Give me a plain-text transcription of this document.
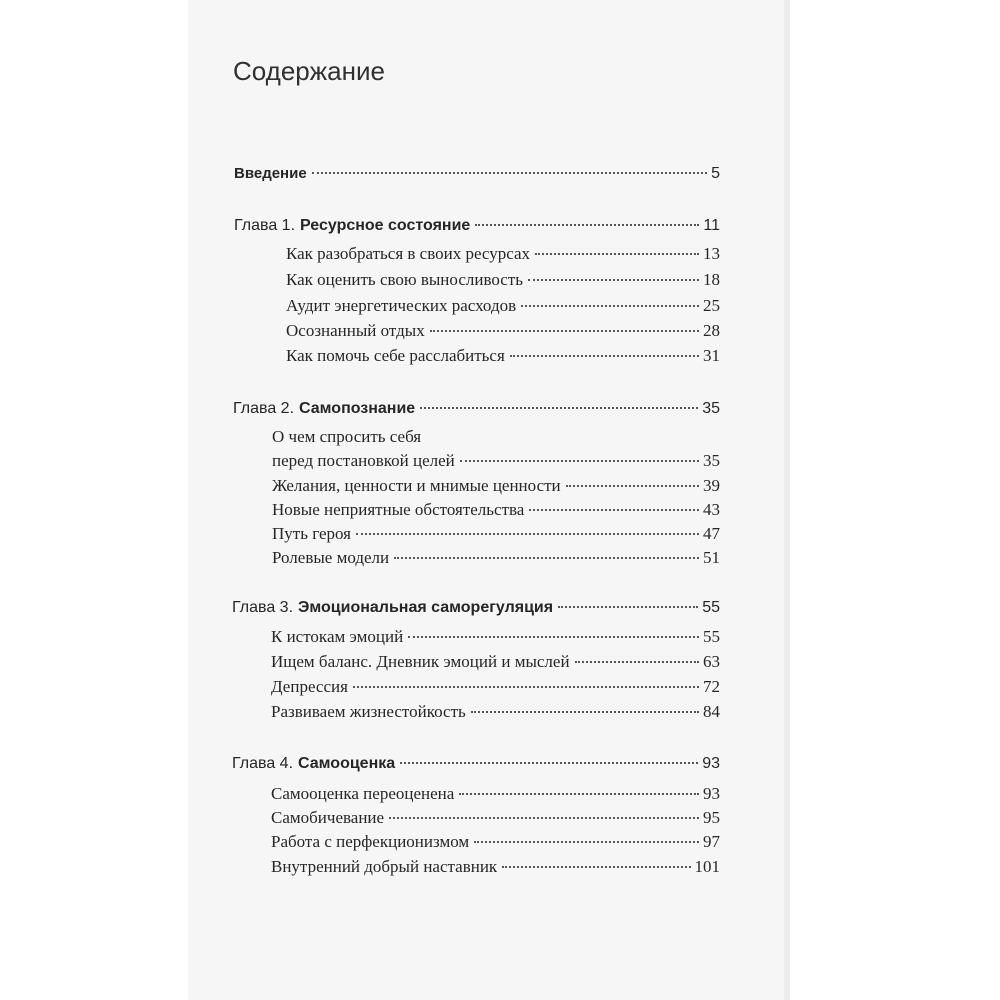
Содержание
Введение	5
Глава 1. Ресурсное состояние	11
Как разобраться в своих ресурсах	13
Как оценить свою выносливость	18
Аудит энергетических расходов	25
Осознанный отдых	28
Как помочь себе расслабиться	31
Глава 2. Самопознание	35
О чем спросить себя
перед постановкой целей	35
Желания, ценности и мнимые ценности	39
Новые неприятные обстоятельства	43
Путь героя	47
Ролевые модели	51
Глава 3. Эмоциональная саморегуляция	55
К истокам эмоций	55
Ищем баланс. Дневник эмоций и мыслей	63
Депрессия	72
Развиваем жизнестойкость	84
Глава 4. Самооценка	93
Самооценка переоценена	93
Самобичевание	95
Работа с перфекционизмом	97
Внутренний добрый наставник	101
